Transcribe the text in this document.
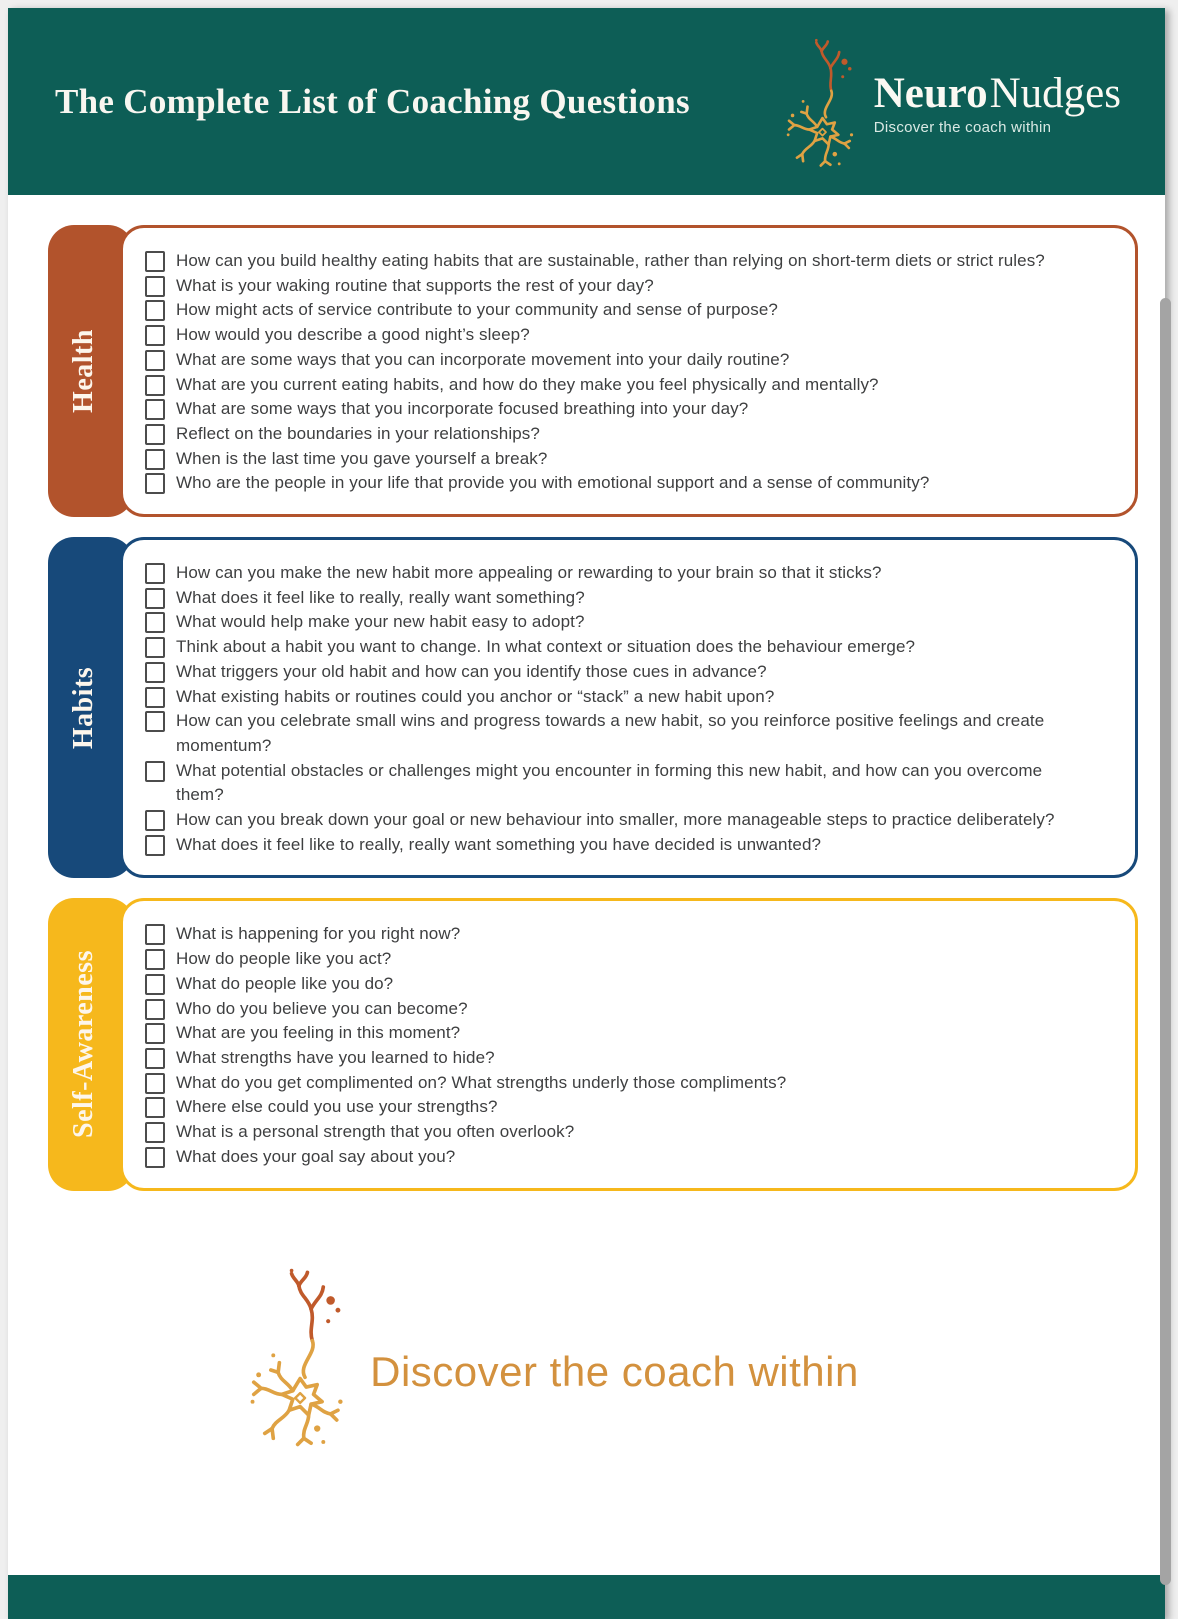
The Complete List of Coaching Questions	NeuroNudges
Discover the coach within
Health
How can you build healthy eating habits that are sustainable, rather than relying on short-term diets or strict rules?
What is your waking routine that supports the rest of your day?
How might acts of service contribute to your community and sense of purpose?
How would you describe a good night’s sleep?
What are some ways that you can incorporate movement into your daily routine?
What are you current eating habits, and how do they make you feel physically and mentally?
What are some ways that you incorporate focused breathing into your day?
Reflect on the boundaries in your relationships?
When is the last time you gave yourself a break?
Who are the people in your life that provide you with emotional support and a sense of community?
Habits
How can you make the new habit more appealing or rewarding to your brain so that it sticks?
What does it feel like to really, really want something?
What would help make your new habit easy to adopt?
Think about a habit you want to change. In what context or situation does the behaviour emerge?
What triggers your old habit and how can you identify those cues in advance?
What existing habits or routines could you anchor or “stack” a new habit upon?
How can you celebrate small wins and progress towards a new habit, so you reinforce positive feelings and create momentum?
What potential obstacles or challenges might you encounter in forming this new habit, and how can you overcome them?
How can you break down your goal or new behaviour into smaller, more manageable steps to practice deliberately?
What does it feel like to really, really want something you have decided is unwanted?
Self-Awareness
What is happening for you right now?
How do people like you act?
What do people like you do?
Who do you believe you can become?
What are you feeling in this moment?
What strengths have you learned to hide?
What do you get complimented on? What strengths underly those compliments?
Where else could you use your strengths?
What is a personal strength that you often overlook?
What does your goal say about you?
Discover the coach within
